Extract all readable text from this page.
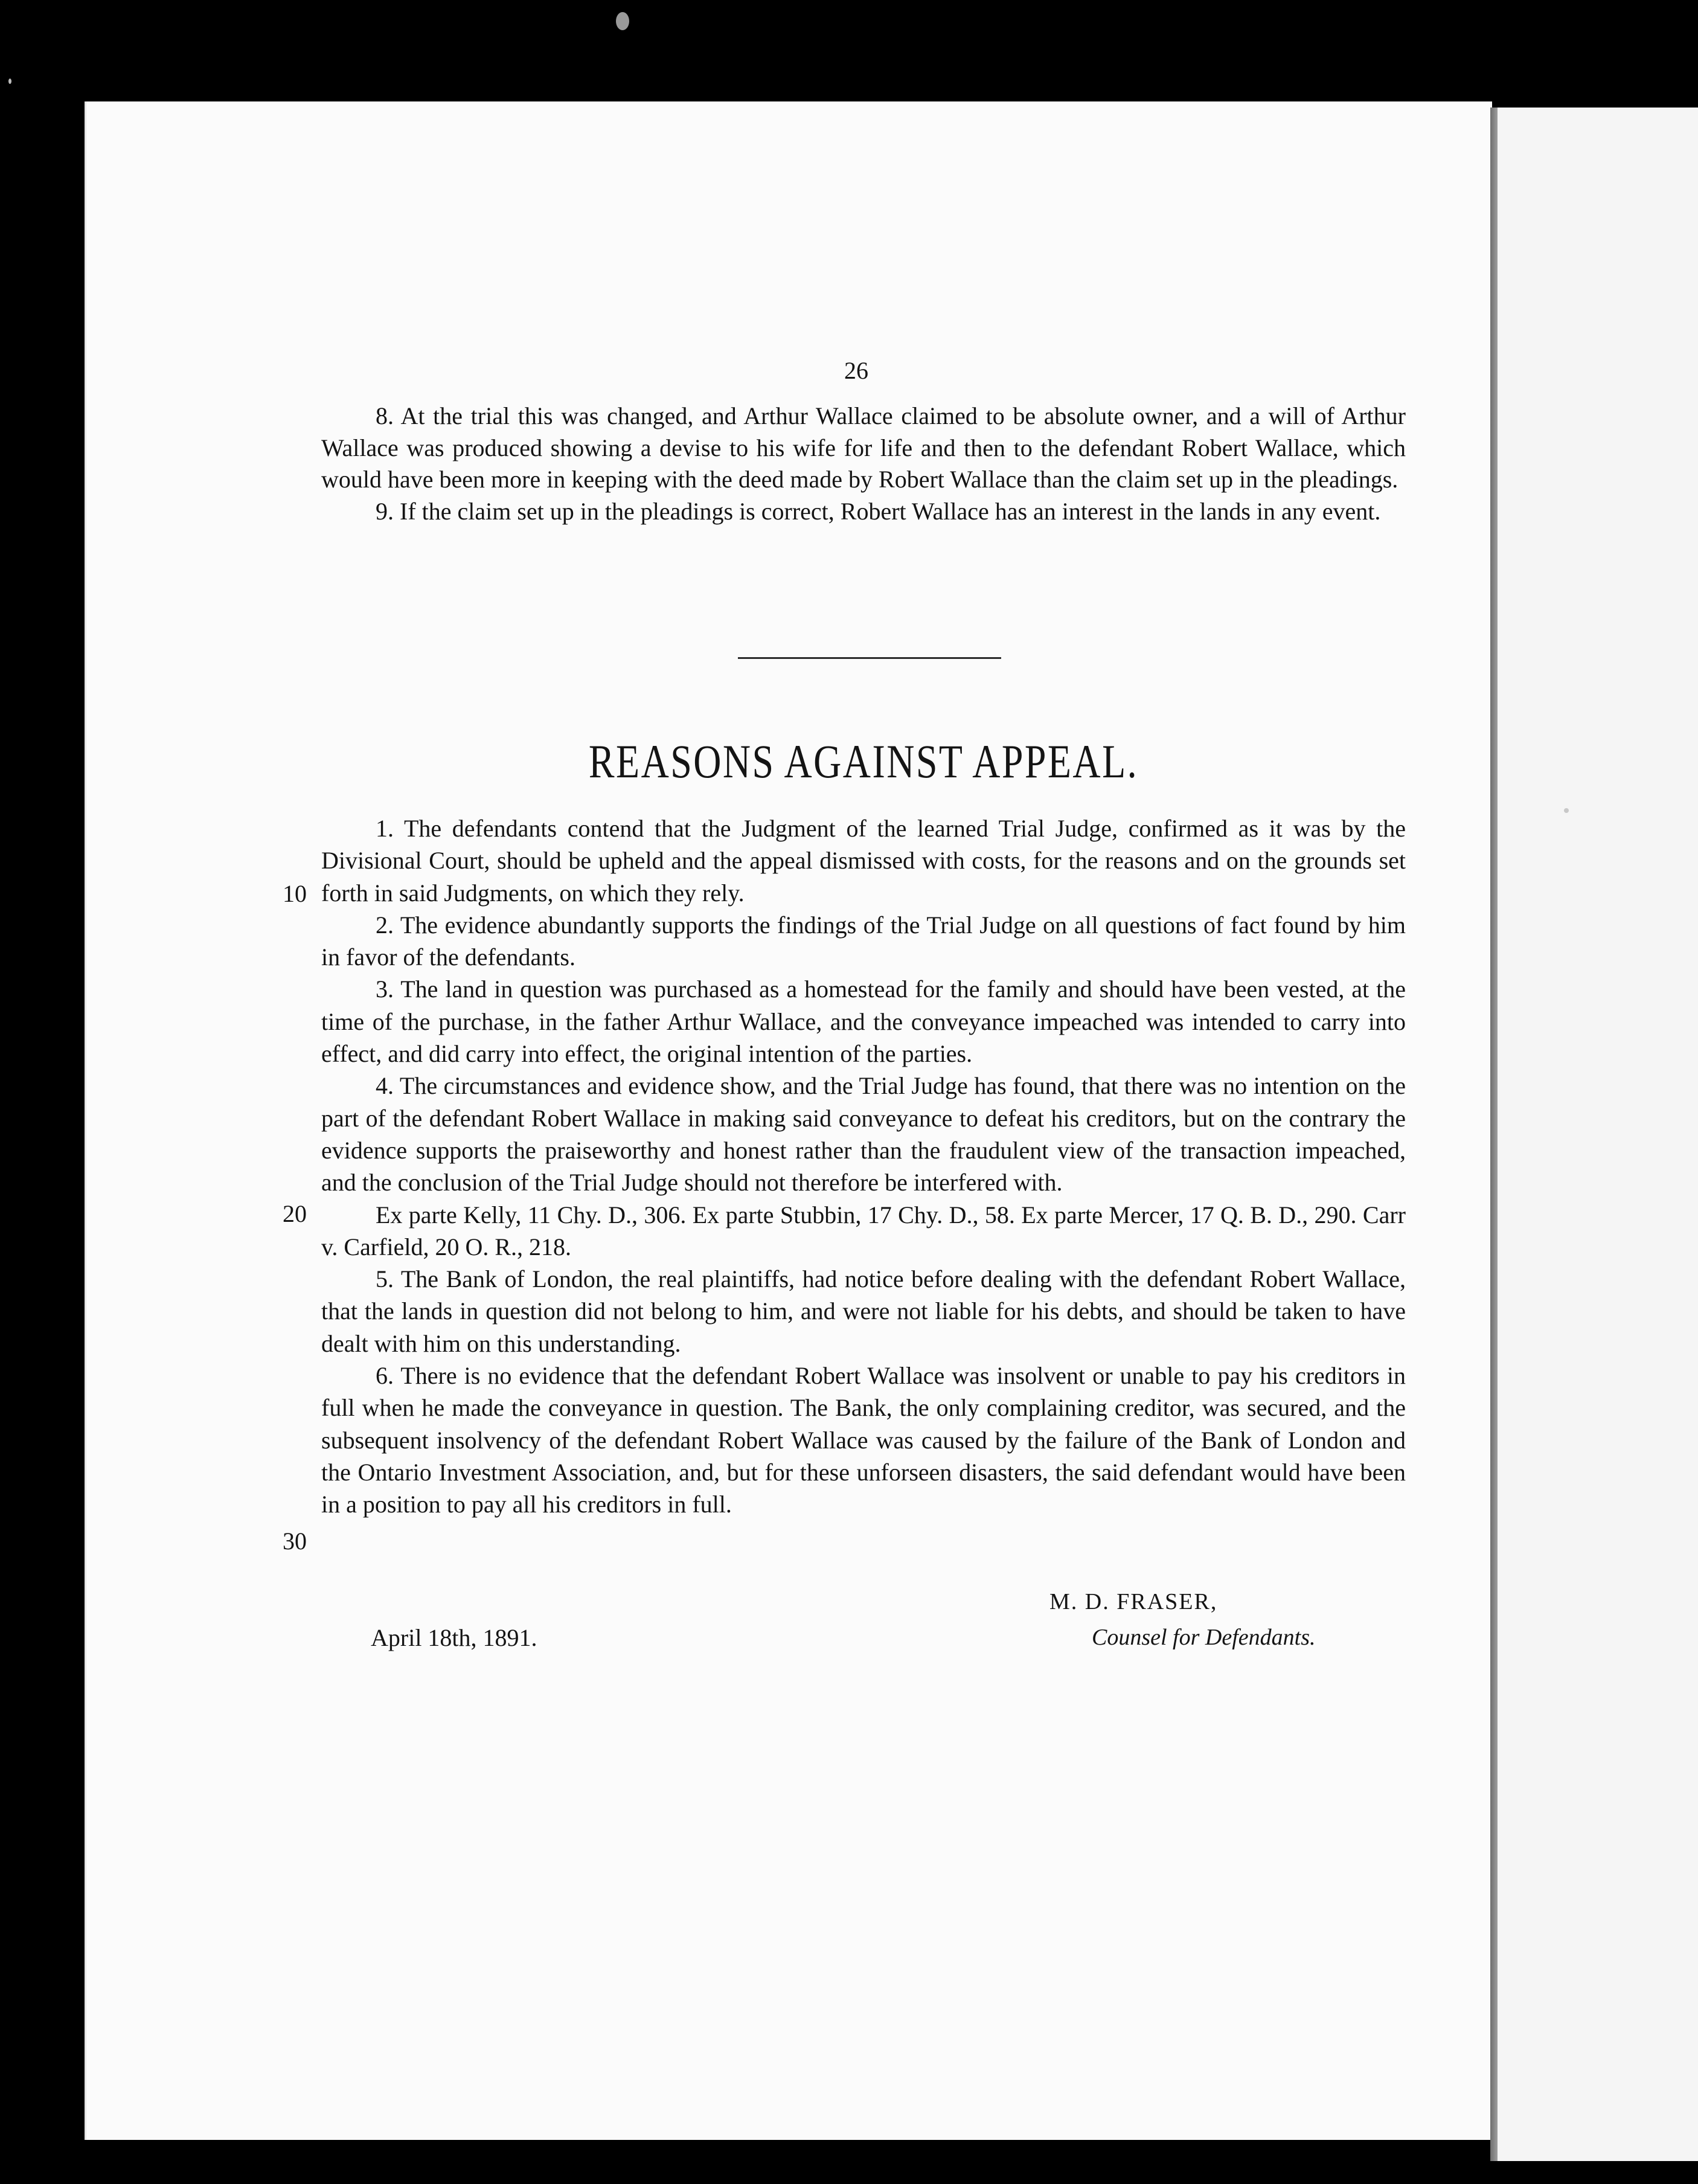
26

8. At the trial this was changed, and Arthur Wallace claimed to be absolute owner, and a will of Arthur Wallace was produced showing a devise to his wife for life and then to the defendant Robert Wallace, which would have been more in keeping with the deed made by Robert Wallace than the claim set up in the pleadings.

9. If the claim set up in the pleadings is correct, Robert Wallace has an interest in the lands in any event.

REASONS AGAINST APPEAL.

1. The defendants contend that the Judgment of the learned Trial Judge, confirmed as it was by the Divisional Court, should be upheld and the appeal dismissed with costs, for the reasons and on the grounds set forth in said Judgments, on which they rely.

2. The evidence abundantly supports the findings of the Trial Judge on all questions of fact found by him in favor of the defendants.

3. The land in question was purchased as a homestead for the family and should have been vested, at the time of the purchase, in the father Arthur Wallace, and the conveyance impeached was intended to carry into effect, and did carry into effect, the original intention of the parties.

4. The circumstances and evidence show, and the Trial Judge has found, that there was no intention on the part of the defendant Robert Wallace in making said conveyance to defeat his creditors, but on the contrary the evidence supports the praiseworthy and honest rather than the fraudulent view of the transaction impeached, and the conclusion of the Trial Judge should not therefore be interfered with.

Ex parte Kelly, 11 Chy. D., 306. Ex parte Stubbin, 17 Chy. D., 58. Ex parte Mercer, 17 Q. B. D., 290. Carr v. Carfield, 20 O. R., 218.

5. The Bank of London, the real plaintiffs, had notice before dealing with the defendant Robert Wallace, that the lands in question did not belong to him, and were not liable for his debts, and should be taken to have dealt with him on this understanding.

6. There is no evidence that the defendant Robert Wallace was insolvent or unable to pay his creditors in full when he made the conveyance in question. The Bank, the only complaining creditor, was secured, and the subsequent insolvency of the defendant Robert Wallace was caused by the failure of the Bank of London and the Ontario Investment Association, and, but for these unforseen disasters, the said defendant would have been in a position to pay all his creditors in full.

10
20
30
M. D. FRASER,
Counsel for Defendants.
April 18th, 1891.
